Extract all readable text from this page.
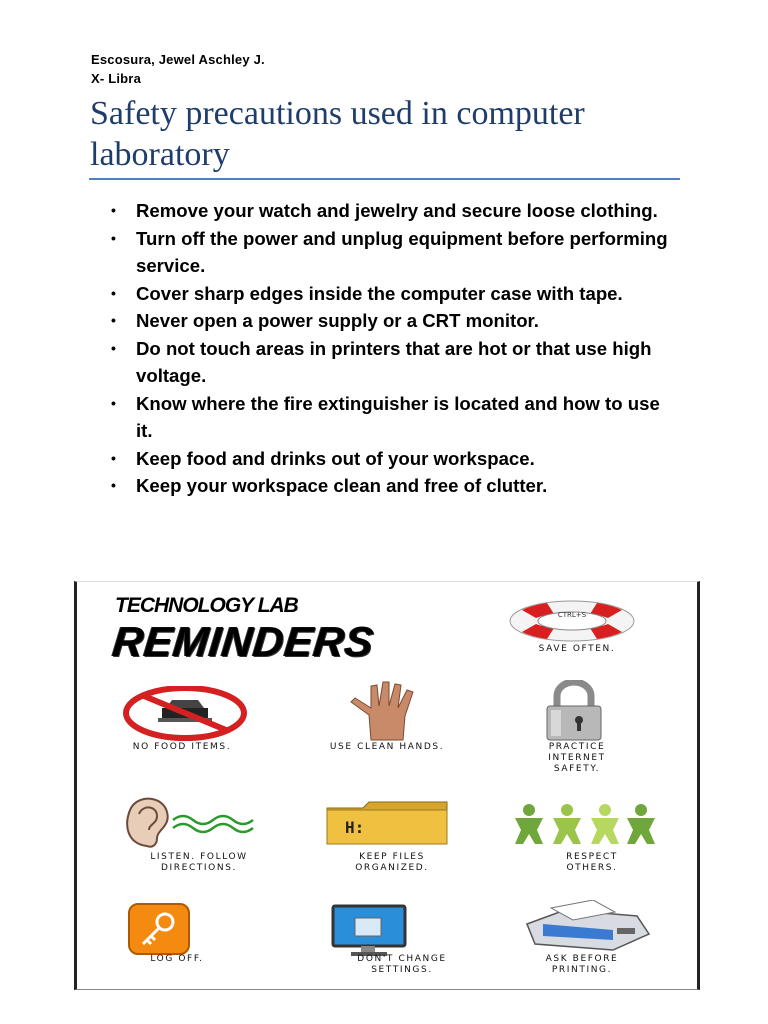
Escosura, Jewel Aschley J.
X- Libra
Safety precautions used in computer laboratory
• Remove your watch and jewelry and secure loose clothing.
• Turn off the power and unplug equipment before performing service.
• Cover sharp edges inside the computer case with tape.
• Never open a power supply or a CRT monitor.
• Do not touch areas in printers that are hot or that use high voltage.
• Know where the fire extinguisher is located and how to use it.
• Keep food and drinks out of your workspace.
• Keep your workspace clean and free of clutter.
TECHNOLOGY LAB
REMINDERS
CTRL+S
SAVE OFTEN.
NO FOOD ITEMS.	USE CLEAN HANDS.	PRACTICE INTERNET SAFETY.
LISTEN. FOLLOW DIRECTIONS.
H:
KEEP FILES ORGANIZED.
RESPECT OTHERS.
LOG OFF.	DON'T CHANGE SETTINGS.
ASK BEFORE PRINTING.
